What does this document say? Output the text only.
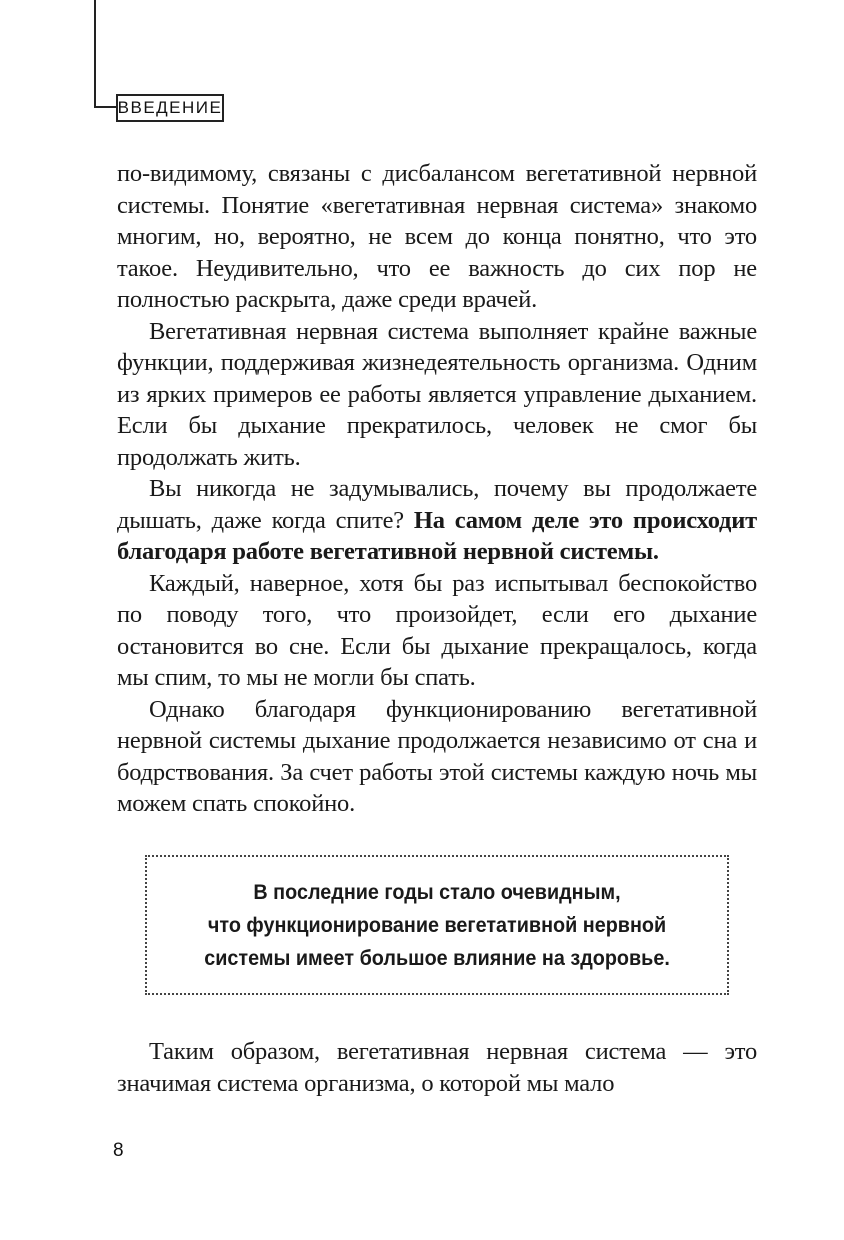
ВВЕДЕНИЕ

по-видимому, связаны с дисбалансом вегетативной нервной системы. Понятие «вегетативная нервная система» знакомо многим, но, вероятно, не всем до конца понятно, что это такое. Неудивительно, что ее важность до сих пор не полностью раскрыта, даже среди врачей.

Вегетативная нервная система выполняет крайне важные функции, поддерживая жизнедеятельность организма. Одним из ярких примеров ее работы является управление дыханием. Если бы дыхание прекратилось, человек не смог бы продолжать жить.

Вы никогда не задумывались, почему вы продолжаете дышать, даже когда спите? На самом деле это происходит благодаря работе вегетативной нервной системы.

Каждый, наверное, хотя бы раз испытывал беспокойство по поводу того, что произойдет, если его дыхание остановится во сне. Если бы дыхание прекращалось, когда мы спим, то мы не могли бы спать.

Однако благодаря функционированию вегетативной нервной системы дыхание продолжается независимо от сна и бодрствования. За счет работы этой системы каждую ночь мы можем спать спокойно.

В последние годы стало очевидным,
что функционирование вегетативной нервной
системы имеет большое влияние на здоровье.

Таким образом, вегетативная нервная система — это значимая система организма, о которой мы мало

8
